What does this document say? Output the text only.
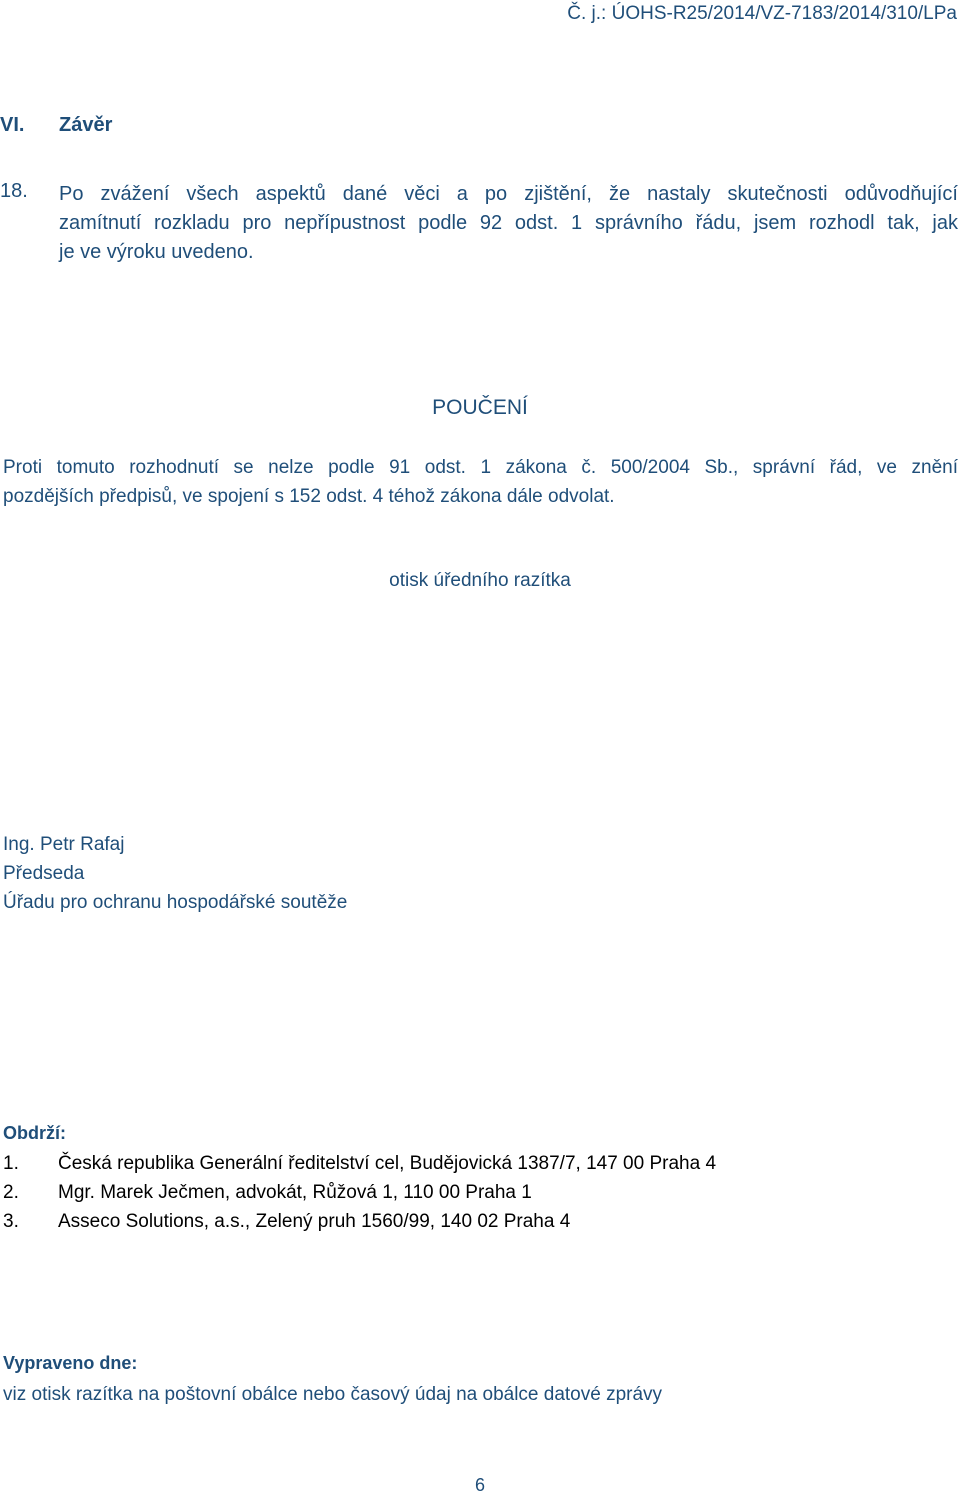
Č. j.: ÚOHS-R25/2014/VZ-7183/2014/310/LPa
VI. Závěr
18. Po zvážení všech aspektů dané věci a po zjištění, že nastaly skutečnosti odůvodňující
zamítnutí rozkladu pro nepřípustnost podle 92 odst. 1 správního řádu, jsem rozhodl tak, jak
je ve výroku uvedeno.
POUČENÍ
Proti tomuto rozhodnutí se nelze podle 91 odst. 1 zákona č. 500/2004 Sb., správní řád, ve znění
pozdějších předpisů, ve spojení s 152 odst. 4 téhož zákona dále odvolat.
otisk úředního razítka
Ing. Petr Rafaj
Předseda
Úřadu pro ochranu hospodářské soutěže
Obdrží:
1. Česká republika Generální ředitelství cel, Budějovická 1387/7, 147 00 Praha 4
2. Mgr. Marek Ječmen, advokát, Růžová 1, 110 00 Praha 1
3. Asseco Solutions, a.s., Zelený pruh 1560/99, 140 02 Praha 4
Vypraveno dne:
viz otisk razítka na poštovní obálce nebo časový údaj na obálce datové zprávy
6
